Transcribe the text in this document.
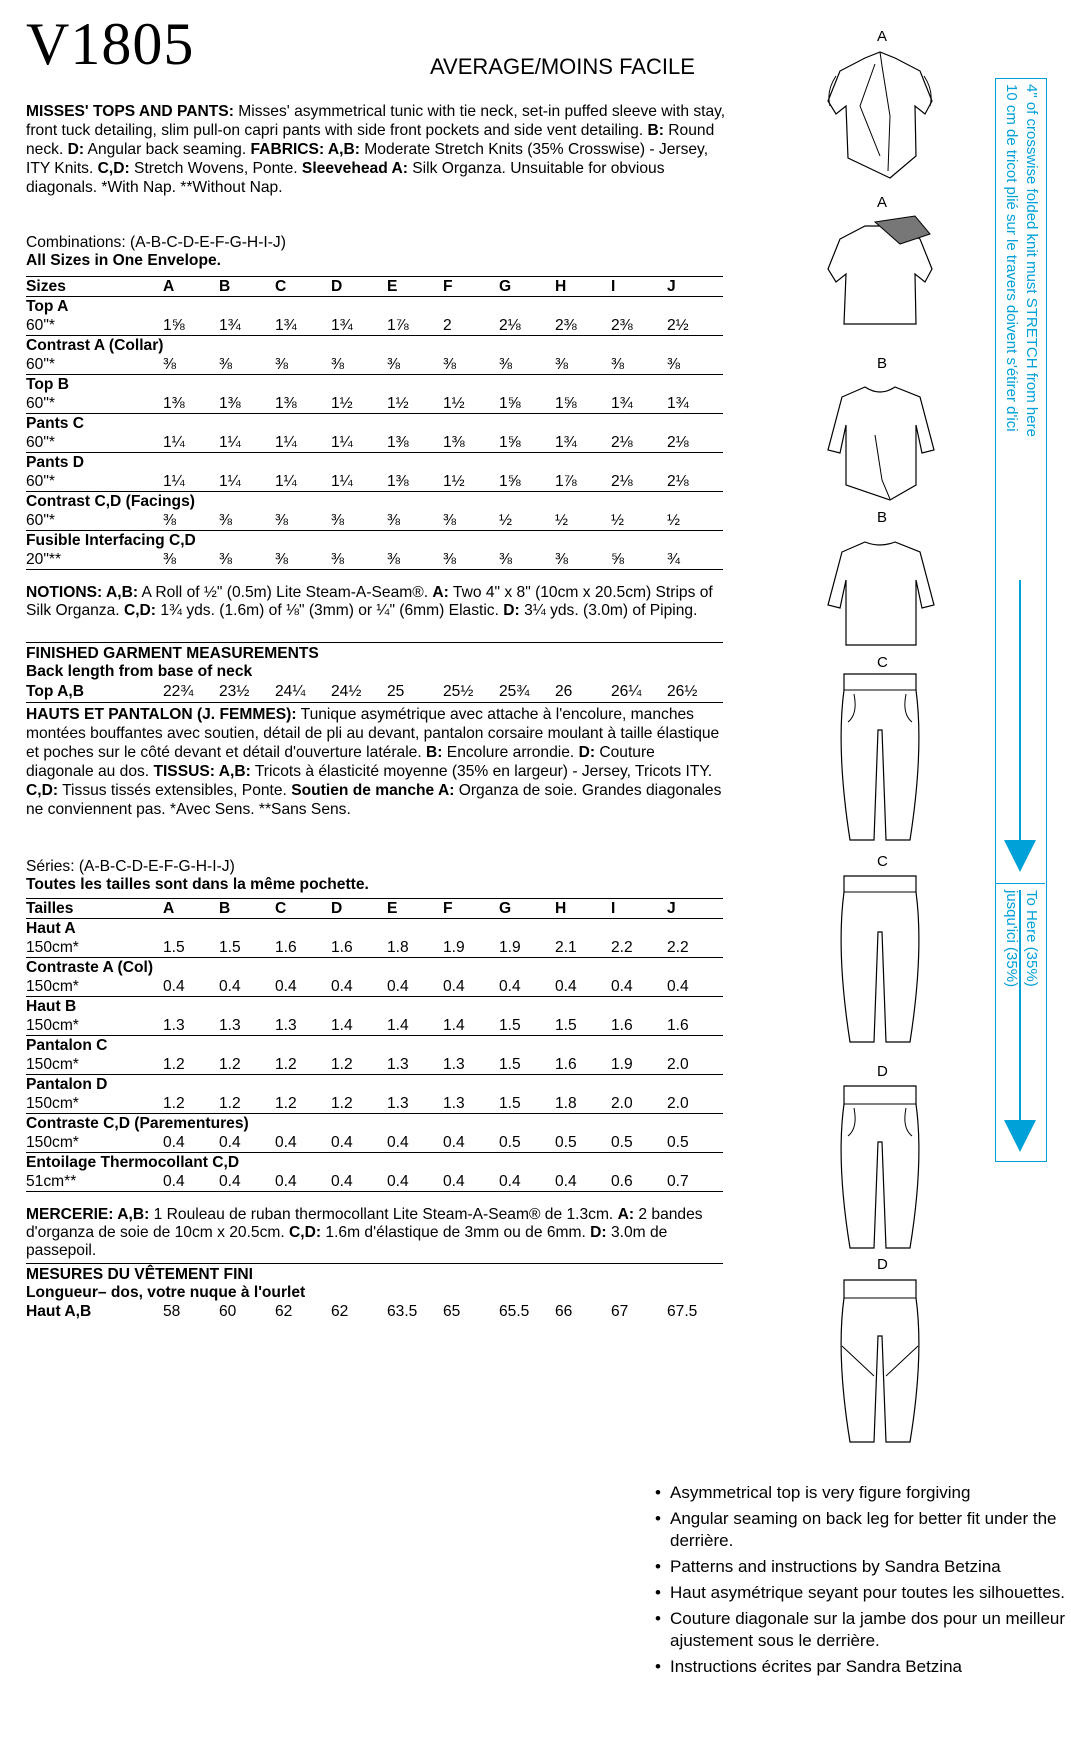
V1805	AVERAGE/MOINS FACILE
MISSES' TOPS AND PANTS: Misses' asymmetrical tunic with tie neck, set-in puffed sleeve with stay, front tuck detailing, slim pull-on capri pants with side front pockets and side vent detailing. B: Round neck. D: Angular back seaming. FABRICS: A,B: Moderate Stretch Knits (35% Crosswise) - Jersey, ITY Knits. C,D: Stretch Wovens, Ponte. Sleevehead A: Silk Organza. Unsuitable for obvious diagonals. *With Nap. **Without Nap.
Combinations: (A-B-C-D-E-F-G-H-I-J)
All Sizes in One Envelope.
Sizes	A	B	C	D	E	F	G	H	I	J
Top A										
60"*	1⅝	1¾	1¾	1¾	1⅞	2	2⅛	2⅜	2⅜	2½
Contrast A (Collar)										
60"*	⅜	⅜	⅜	⅜	⅜	⅜	⅜	⅜	⅜	⅜
Top B										
60"*	1⅜	1⅜	1⅜	1½	1½	1½	1⅝	1⅝	1¾	1¾
Pants C										
60"*	1¼	1¼	1¼	1¼	1⅜	1⅜	1⅝	1¾	2⅛	2⅛
Pants D										
60"*	1¼	1¼	1¼	1¼	1⅜	1½	1⅝	1⅞	2⅛	2⅛
Contrast C,D (Facings)										
60"*	⅜	⅜	⅜	⅜	⅜	⅜	½	½	½	½
Fusible Interfacing C,D										
20"**	⅜	⅜	⅜	⅜	⅜	⅜	⅜	⅜	⅝	¾

NOTIONS: A,B: A Roll of ½" (0.5m) Lite Steam-A-Seam®. A: Two 4" x 8" (10cm x 20.5cm) Strips of Silk Organza. C,D: 1¾ yds. (1.6m) of ⅛" (3mm) or ¼" (6mm) Elastic. D: 3¼ yds. (3.0m) of Piping.
FINISHED GARMENT MEASUREMENTS
Back length from base of neck
Top A,B	22¾	23½	24¼	24½	25	25½	25¾	26	26¼	26½
HAUTS ET PANTALON (J. FEMMES): Tunique asymétrique avec attache à l'encolure, manches montées bouffantes avec soutien, détail de pli au devant, pantalon corsaire moulant à taille élastique et poches sur le côté devant et détail d'ouverture latérale. B: Encolure arrondie. D: Couture diagonale au dos. TISSUS: A,B: Tricots à élasticité moyenne (35% en largeur) - Jersey, Tricots ITY. C,D: Tissus tissés extensibles, Ponte. Soutien de manche A: Organza de soie. Grandes diagonales ne conviennent pas. *Avec Sens. **Sans Sens.
Séries: (A-B-C-D-E-F-G-H-I-J)
Toutes les tailles sont dans la même pochette.
Tailles	A	B	C	D	E	F	G	H	I	J
Haut A										
150cm*	1.5	1.5	1.6	1.6	1.8	1.9	1.9	2.1	2.2	2.2
Contraste A (Col)										
150cm*	0.4	0.4	0.4	0.4	0.4	0.4	0.4	0.4	0.4	0.4
Haut B										
150cm*	1.3	1.3	1.3	1.4	1.4	1.4	1.5	1.5	1.6	1.6
Pantalon C										
150cm*	1.2	1.2	1.2	1.2	1.3	1.3	1.5	1.6	1.9	2.0
Pantalon D										
150cm*	1.2	1.2	1.2	1.2	1.3	1.3	1.5	1.8	2.0	2.0
Contraste C,D (Parementures)										
150cm*	0.4	0.4	0.4	0.4	0.4	0.4	0.5	0.5	0.5	0.5
Entoilage Thermocollant C,D										
51cm**	0.4	0.4	0.4	0.4	0.4	0.4	0.4	0.4	0.6	0.7

MERCERIE: A,B: 1 Rouleau de ruban thermocollant Lite Steam-A-Seam® de 1.3cm. A: 2 bandes d'organza de soie de 10cm x 20.5cm. C,D: 1.6m d'élastique de 3mm ou de 6mm. D: 3.0m de passepoil.
MESURES DU VÊTEMENT FINI
Longueur– dos, votre nuque à l'ourlet
Haut A,B	58	60	62	62	63.5	65	65.5	66	67	67.5
4" of crosswise folded knit must STRETCH from here
10 cm de tricot plié sur le travers doivent s'étirer d'ici
To Here (35%)
jusqu'ici (35%)
A
A
B
B
C
C
D
D
• Asymmetrical top is very figure forgiving
• Angular seaming on back leg for better fit under the derrière.
• Patterns and instructions by Sandra Betzina
• Haut asymétrique seyant pour toutes les silhouettes.
• Couture diagonale sur la jambe dos pour un meilleur ajustement sous le derrière.
• Instructions écrites par Sandra Betzina
